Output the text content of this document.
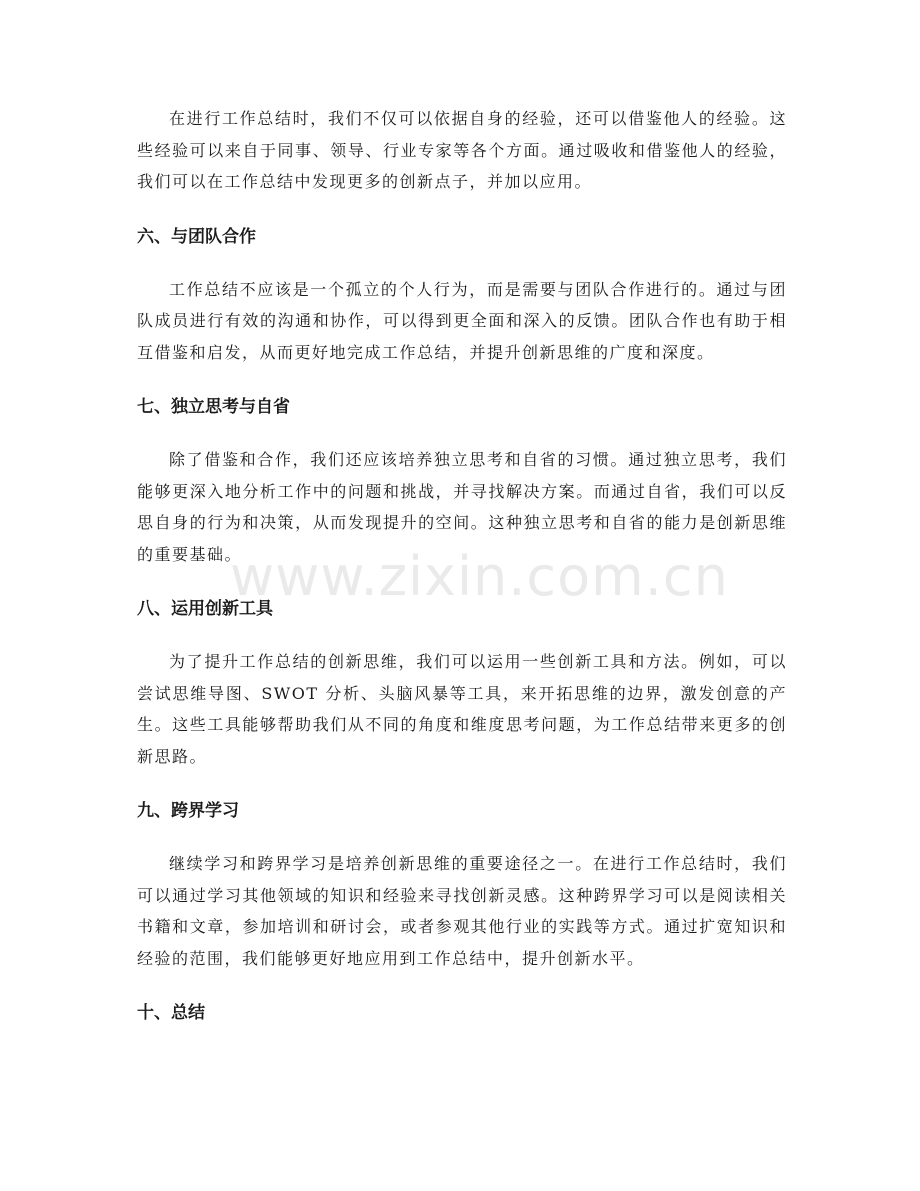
在进行工作总结时，我们不仅可以依据自身的经验，还可以借鉴他人的经验。这些经验可以来自于同事、领导、行业专家等各个方面。通过吸收和借鉴他人的经验，我们可以在工作总结中发现更多的创新点子，并加以应用。

六、与团队合作

工作总结不应该是一个孤立的个人行为，而是需要与团队合作进行的。通过与团队成员进行有效的沟通和协作，可以得到更全面和深入的反馈。团队合作也有助于相互借鉴和启发，从而更好地完成工作总结，并提升创新思维的广度和深度。

七、独立思考与自省

除了借鉴和合作，我们还应该培养独立思考和自省的习惯。通过独立思考，我们能够更深入地分析工作中的问题和挑战，并寻找解决方案。而通过自省，我们可以反思自身的行为和决策，从而发现提升的空间。这种独立思考和自省的能力是创新思维的重要基础。

八、运用创新工具

为了提升工作总结的创新思维，我们可以运用一些创新工具和方法。例如，可以尝试思维导图、SWOT 分析、头脑风暴等工具，来开拓思维的边界，激发创意的产生。这些工具能够帮助我们从不同的角度和维度思考问题，为工作总结带来更多的创新思路。

九、跨界学习

继续学习和跨界学习是培养创新思维的重要途径之一。在进行工作总结时，我们可以通过学习其他领域的知识和经验来寻找创新灵感。这种跨界学习可以是阅读相关书籍和文章，参加培训和研讨会，或者参观其他行业的实践等方式。通过扩宽知识和经验的范围，我们能够更好地应用到工作总结中，提升创新水平。

十、总结
www.zixin.com.cn
